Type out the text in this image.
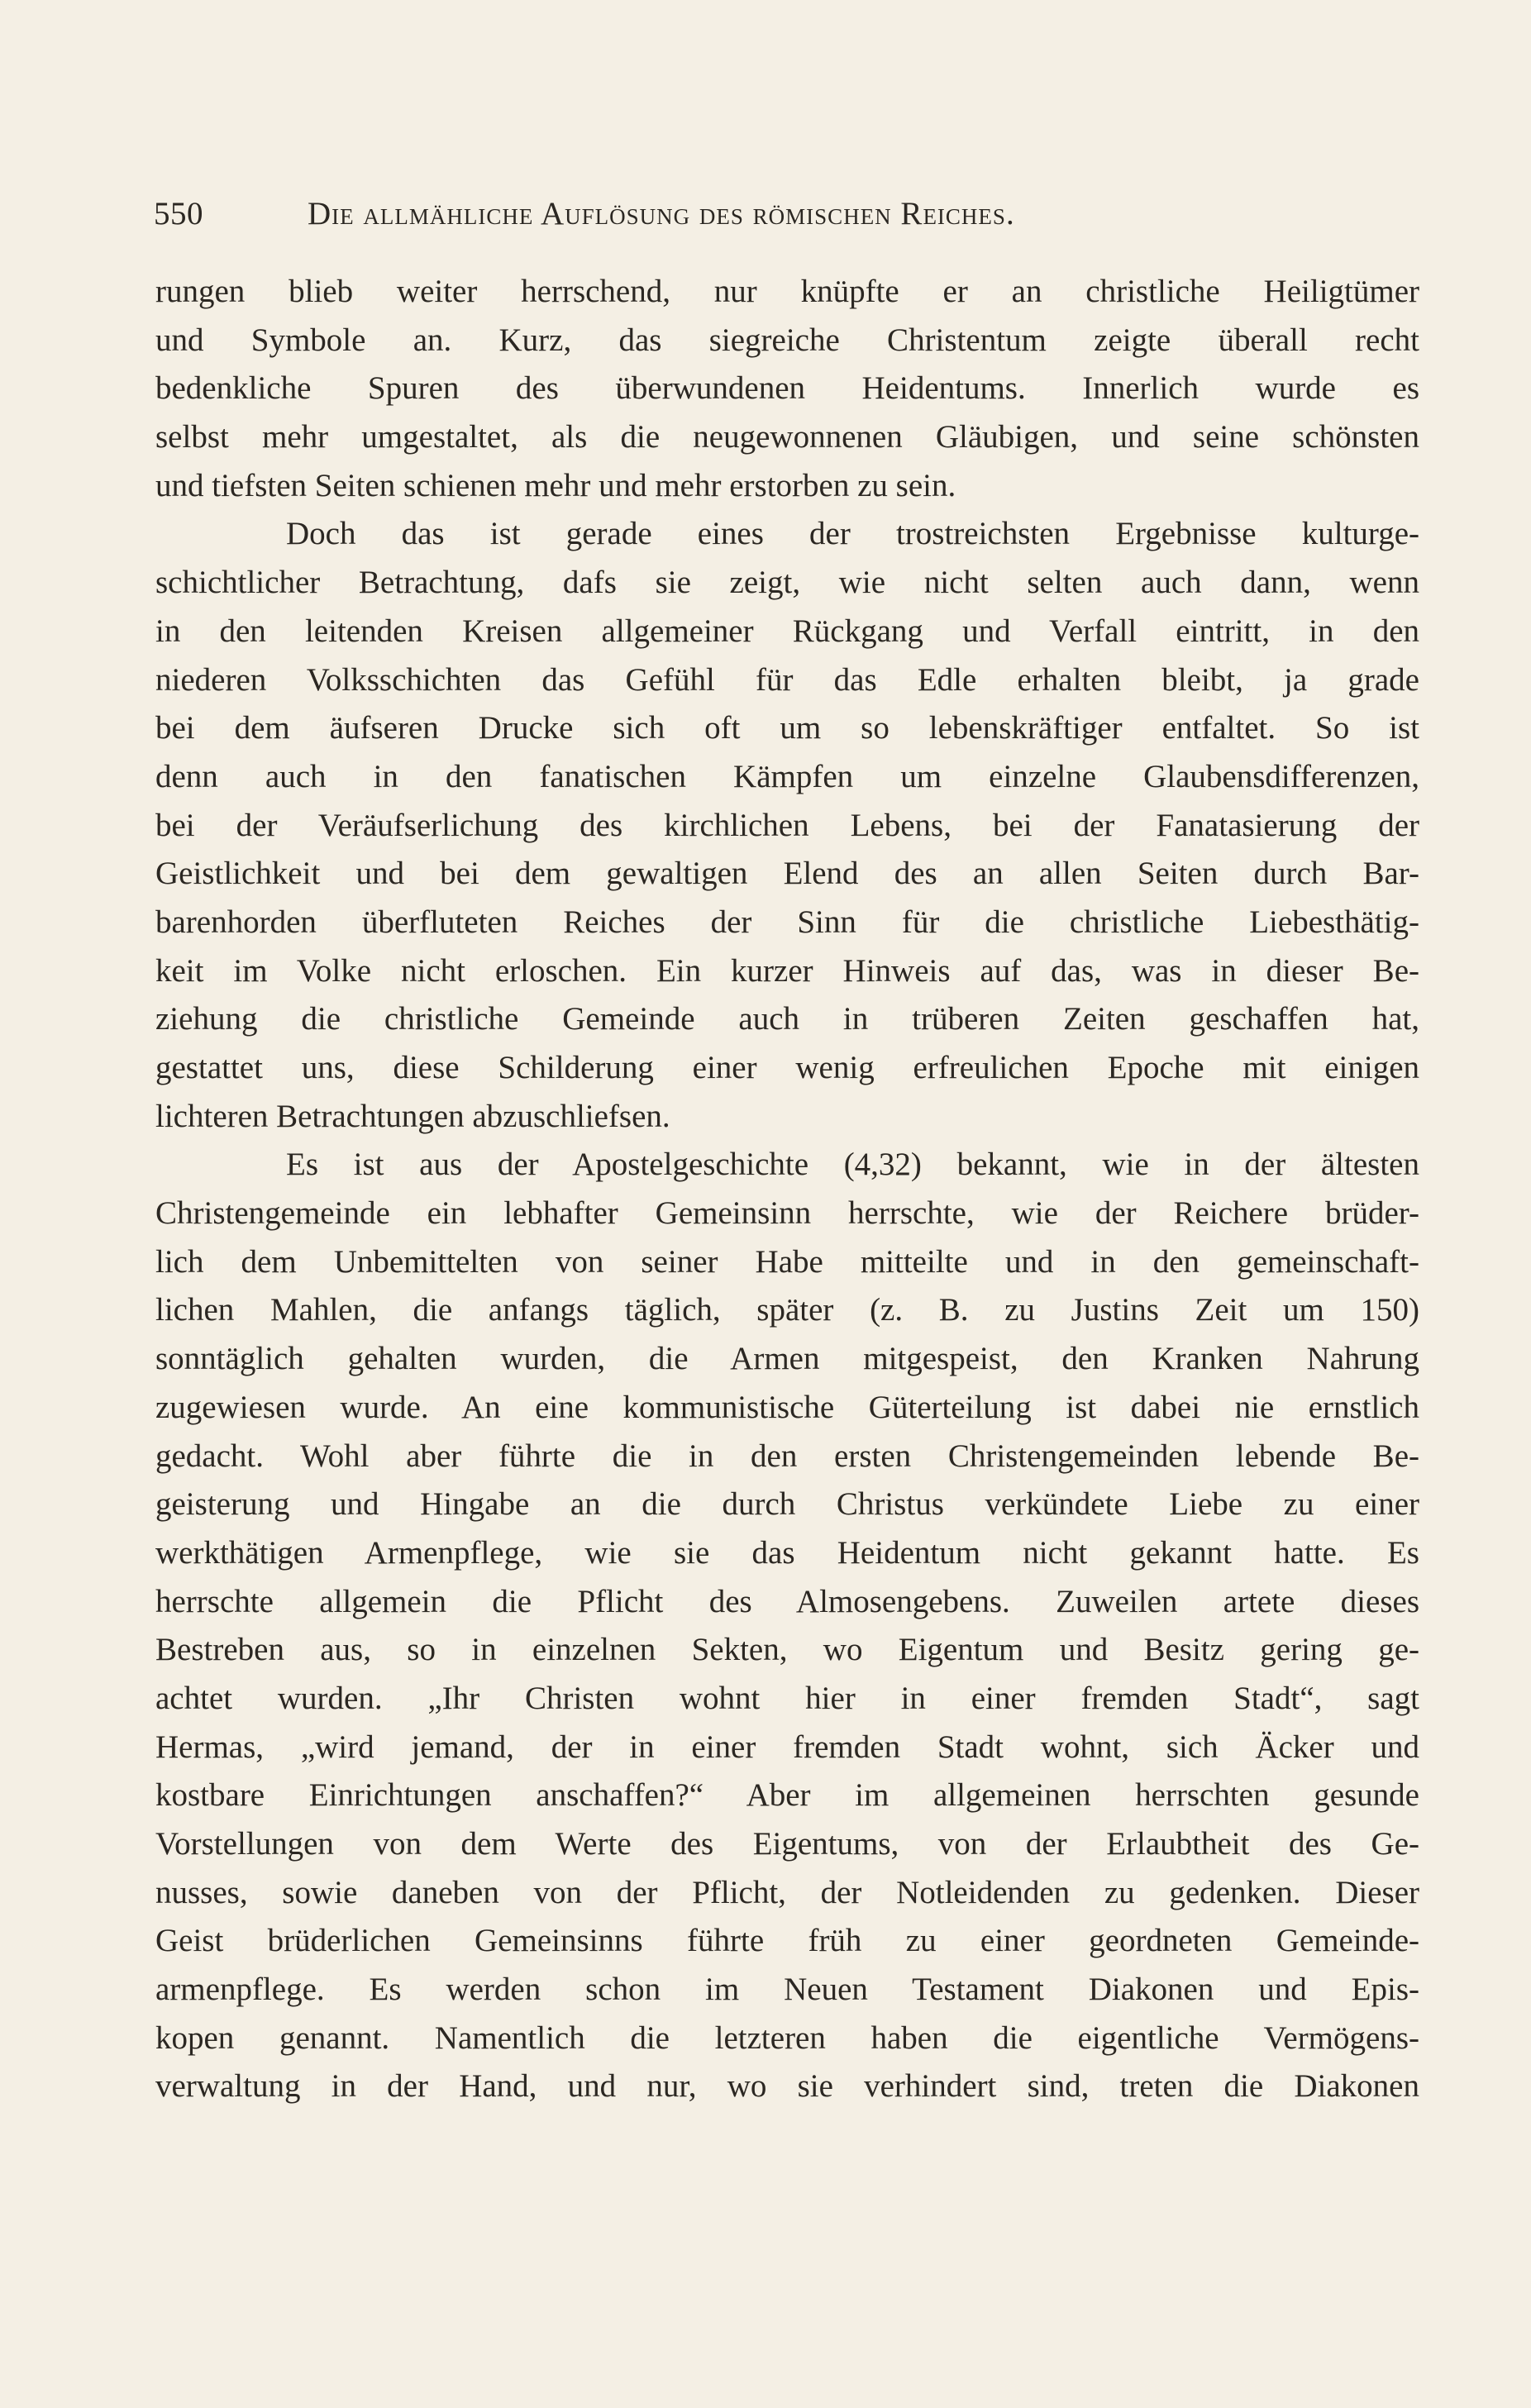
550	Die allmähliche Auflösung des römischen Reiches.
rungen blieb weiter herrschend, nur knüpfte er an christliche Heiligtümer
und Symbole an. Kurz, das siegreiche Christentum zeigte überall recht
bedenkliche Spuren des überwundenen Heidentums. Innerlich wurde es
selbst mehr umgestaltet, als die neugewonnenen Gläubigen, und seine schönsten
und tiefsten Seiten schienen mehr und mehr erstorben zu sein.
Doch das ist gerade eines der trostreichsten Ergebnisse kulturge-
schichtlicher Betrachtung, dafs sie zeigt, wie nicht selten auch dann, wenn
in den leitenden Kreisen allgemeiner Rückgang und Verfall eintritt, in den
niederen Volksschichten das Gefühl für das Edle erhalten bleibt, ja grade
bei dem äufseren Drucke sich oft um so lebenskräftiger entfaltet. So ist
denn auch in den fanatischen Kämpfen um einzelne Glaubensdifferenzen,
bei der Veräufserlichung des kirchlichen Lebens, bei der Fanatasierung der
Geistlichkeit und bei dem gewaltigen Elend des an allen Seiten durch Bar-
barenhorden überfluteten Reiches der Sinn für die christliche Liebesthätig-
keit im Volke nicht erloschen. Ein kurzer Hinweis auf das, was in dieser Be-
ziehung die christliche Gemeinde auch in trüberen Zeiten geschaffen hat,
gestattet uns, diese Schilderung einer wenig erfreulichen Epoche mit einigen
lichteren Betrachtungen abzuschliefsen.
Es ist aus der Apostelgeschichte (4,32) bekannt, wie in der ältesten
Christengemeinde ein lebhafter Gemeinsinn herrschte, wie der Reichere brüder-
lich dem Unbemittelten von seiner Habe mitteilte und in den gemeinschaft-
lichen Mahlen, die anfangs täglich, später (z. B. zu Justins Zeit um 150)
sonntäglich gehalten wurden, die Armen mitgespeist, den Kranken Nahrung
zugewiesen wurde. An eine kommunistische Güterteilung ist dabei nie ernstlich
gedacht. Wohl aber führte die in den ersten Christengemeinden lebende Be-
geisterung und Hingabe an die durch Christus verkündete Liebe zu einer
werkthätigen Armenpflege, wie sie das Heidentum nicht gekannt hatte. Es
herrschte allgemein die Pflicht des Almosengebens. Zuweilen artete dieses
Bestreben aus, so in einzelnen Sekten, wo Eigentum und Besitz gering ge-
achtet wurden. „Ihr Christen wohnt hier in einer fremden Stadt“, sagt
Hermas, „wird jemand, der in einer fremden Stadt wohnt, sich Äcker und
kostbare Einrichtungen anschaffen?“ Aber im allgemeinen herrschten gesunde
Vorstellungen von dem Werte des Eigentums, von der Erlaubtheit des Ge-
nusses, sowie daneben von der Pflicht, der Notleidenden zu gedenken. Dieser
Geist brüderlichen Gemeinsinns führte früh zu einer geordneten Gemeinde-
armenpflege. Es werden schon im Neuen Testament Diakonen und Epis-
kopen genannt. Namentlich die letzteren haben die eigentliche Vermögens-
verwaltung in der Hand, und nur, wo sie verhindert sind, treten die Diakonen
